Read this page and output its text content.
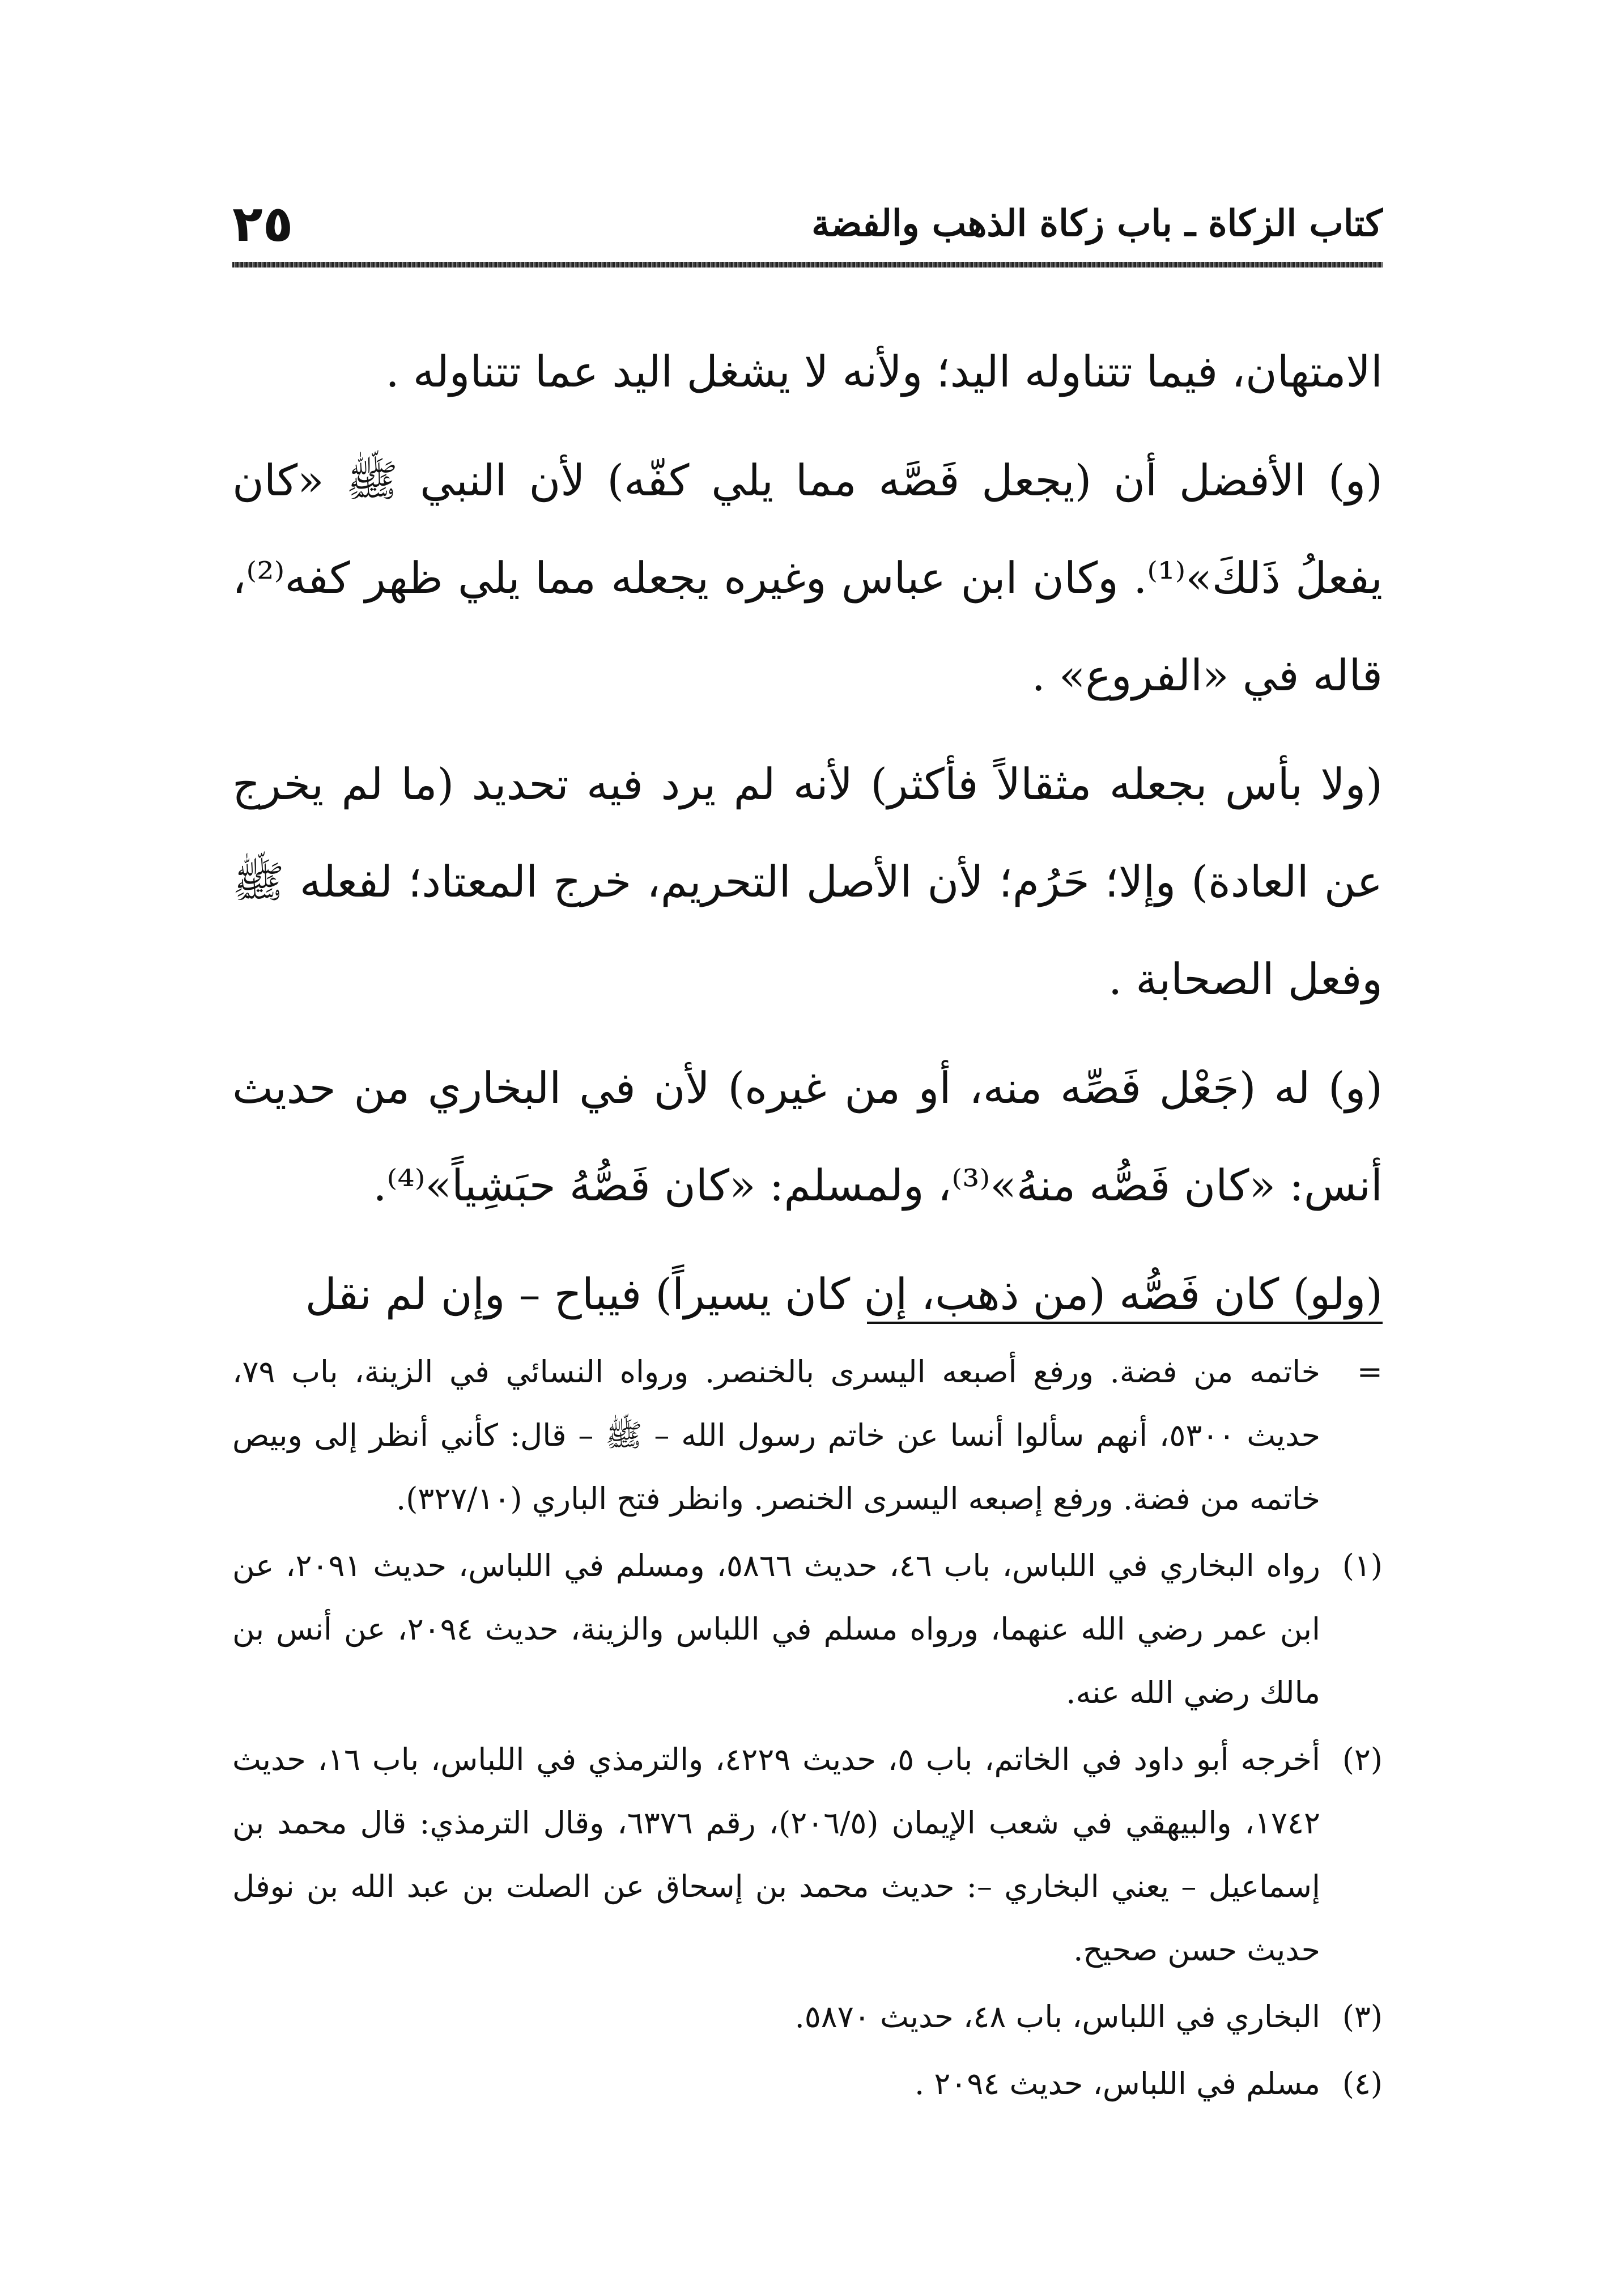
٢٥	كتاب الزكاة ـ باب زكاة الذهب والفضة

الامتهان، فيما تتناوله اليد؛ ولأنه لا يشغل اليد عما تتناوله .

(و) الأفضل أن (يجعل فَصَّه مما يلي كفّه) لأن النبي ﷺ «كان يفعلُ ذَلكَ»⁽¹⁾. وكان ابن عباس وغيره يجعله مما يلي ظهر كفه⁽²⁾، قاله في «الفروع» .

(ولا بأس بجعله مثقالاً فأكثر) لأنه لم يرد فيه تحديد (ما لم يخرج عن العادة) وإلا؛ حَرُم؛ لأن الأصل التحريم، خرج المعتاد؛ لفعله ﷺ وفعل الصحابة .

(و) له (جَعْل فَصِّه منه، أو من غيره) لأن في البخاري من حديث أنس: «كان فَصُّه منهُ»⁽³⁾، ولمسلم: «كان فَصُّهُ حبَشِياً»⁽⁴⁾.

(ولو) كان فَصُّه (من ذهب، إن كان يسيراً) فيباح – وإن لم نقل

=
خاتمه من فضة. ورفع أصبعه اليسرى بالخنصر. ورواه النسائي في الزينة، باب ٧٩، حديث ٥٣٠٠، أنهم سألوا أنسا عن خاتم رسول الله – ﷺ – قال: كأني أنظر إلى وبيص خاتمه من فضة. ورفع إصبعه اليسرى الخنصر. وانظر فتح الباري (٣٢٧/١٠).
(١)
رواه البخاري في اللباس، باب ٤٦، حديث ٥٨٦٦، ومسلم في اللباس، حديث ٢٠٩١، عن ابن عمر رضي الله عنهما، ورواه مسلم في اللباس والزينة، حديث ٢٠٩٤، عن أنس بن مالك رضي الله عنه.
(٢)
أخرجه أبو داود في الخاتم، باب ٥، حديث ٤٢٢٩، والترمذي في اللباس، باب ١٦، حديث ١٧٤٢، والبيهقي في شعب الإيمان (٢٠٦/٥)، رقم ٦٣٧٦، وقال الترمذي: قال محمد بن إسماعيل – يعني البخاري –: حديث محمد بن إسحاق عن الصلت بن عبد الله بن نوفل حديث حسن صحيح.
(٣)
البخاري في اللباس، باب ٤٨، حديث ٥٨٧٠.
(٤)
مسلم في اللباس، حديث ٢٠٩٤ .
